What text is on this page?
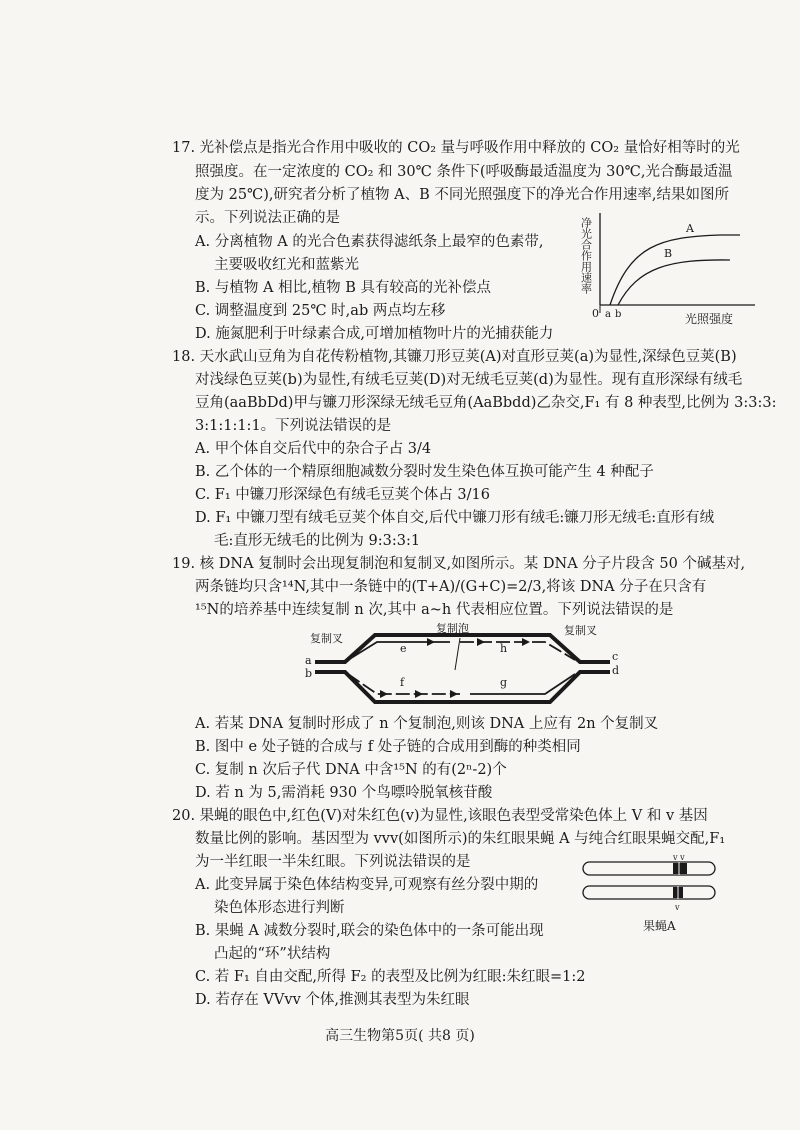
17. 光补偿点是指光合作用中吸收的 CO₂ 量与呼吸作用中释放的 CO₂ 量恰好相等时的光
照强度。在一定浓度的 CO₂ 和 30℃ 条件下(呼吸酶最适温度为 30℃,光合酶最适温
度为 25℃),研究者分析了植物 A、B 不同光照强度下的净光合作用速率,结果如图所
示。下列说法正确的是
A. 分离植物 A 的光合色素获得滤纸条上最窄的色素带,
主要吸收红光和蓝紫光
B. 与植物 A 相比,植物 B 具有较高的光补偿点
C. 调整温度到 25℃ 时,ab 两点均左移
D. 施氮肥利于叶绿素合成,可增加植物叶片的光捕获能力
净光合作用速率
光照强度
0 a b
A
B
18. 天水武山豆角为自花传粉植物,其镰刀形豆荚(A)对直形豆荚(a)为显性,深绿色豆荚(B)
对浅绿色豆荚(b)为显性,有绒毛豆荚(D)对无绒毛豆荚(d)为显性。现有直形深绿有绒毛
豆角(aaBbDd)甲与镰刀形深绿无绒毛豆角(AaBbdd)乙杂交,F₁ 有 8 种表型,比例为 3:3:3:
3:1:1:1:1。下列说法错误的是
A. 甲个体自交后代中的杂合子占 3/4
B. 乙个体的一个精原细胞减数分裂时发生染色体互换可能产生 4 种配子
C. F₁ 中镰刀形深绿色有绒毛豆荚个体占 3/16
D. F₁ 中镰刀型有绒毛豆荚个体自交,后代中镰刀形有绒毛:镰刀形无绒毛:直形有绒
毛:直形无绒毛的比例为 9:3:3:1
19. 核 DNA 复制时会出现复制泡和复制叉,如图所示。某 DNA 分子片段含 50 个碱基对,
两条链均只含¹⁴N,其中一条链中的(T+A)/(G+C)=2/3,将该 DNA 分子在只含有
¹⁵N的培养基中连续复制 n 次,其中 a~h 代表相应位置。下列说法错误的是
复制泡
复制叉
复制叉
a
b
c
d
e
f	g
h
A. 若某 DNA 复制时形成了 n 个复制泡,则该 DNA 上应有 2n 个复制叉
B. 图中 e 处子链的合成与 f 处子链的合成用到酶的种类相同
C. 复制 n 次后子代 DNA 中含¹⁵N 的有(2ⁿ-2)个
D. 若 n 为 5,需消耗 930 个鸟嘌呤脱氧核苷酸
20. 果蝇的眼色中,红色(V)对朱红色(v)为显性,该眼色表型受常染色体上 V 和 v 基因
数量比例的影响。基因型为 vvv(如图所示)的朱红眼果蝇 A 与纯合红眼果蝇交配,F₁
为一半红眼一半朱红眼。下列说法错误的是
A. 此变异属于染色体结构变异,可观察有丝分裂中期的
染色体形态进行判断
B. 果蝇 A 减数分裂时,联会的染色体中的一条可能出现
凸起的“环”状结构
C. 若 F₁ 自由交配,所得 F₂ 的表型及比例为红眼:朱红眼=1:2
D. 若存在 VVvv 个体,推测其表型为朱红眼
v v
v
果蝇A
高三生物第5页( 共8 页)
